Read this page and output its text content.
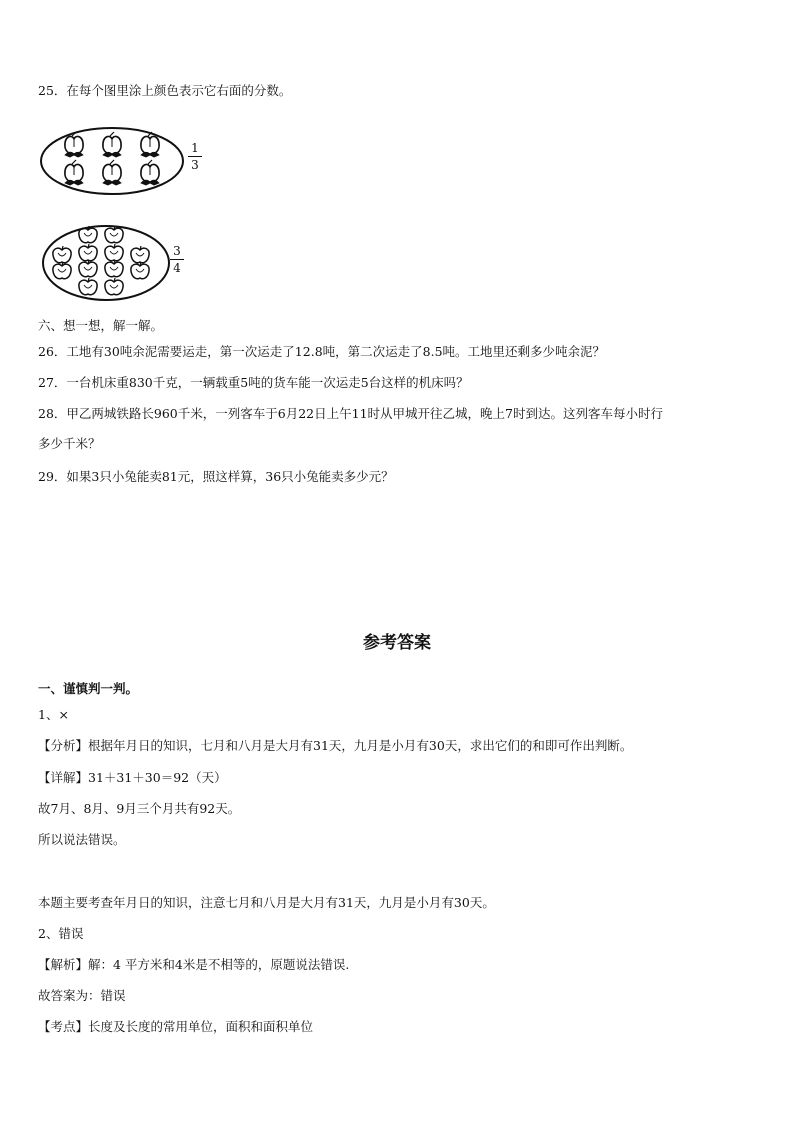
25．在每个图里涂上颜色表示它右面的分数。
1
3
3
4
六、想一想，解一解。
26．工地有30吨余泥需要运走，第一次运走了12.8吨，第二次运走了8.5吨。工地里还剩多少吨余泥？
27．一台机床重830千克，一辆载重5吨的货车能一次运走5台这样的机床吗？
28．甲乙两城铁路长960千米，一列客车于6月22日上午11时从甲城开往乙城，晚上7时到达。这列客车每小时行
多少千米？
29．如果3只小兔能卖81元，照这样算，36只小兔能卖多少元？
参考答案
一、谨慎判一判。
1、×
【分析】根据年月日的知识，七月和八月是大月有31天，九月是小月有30天，求出它们的和即可作出判断。
【详解】31＋31＋30＝92（天）
故7月、8月、9月三个月共有92天。
所以说法错误。
本题主要考查年月日的知识，注意七月和八月是大月有31天，九月是小月有30天。
2、错误
【解析】解：4 平方米和4米是不相等的，原题说法错误.
故答案为：错误
【考点】长度及长度的常用单位，面积和面积单位
